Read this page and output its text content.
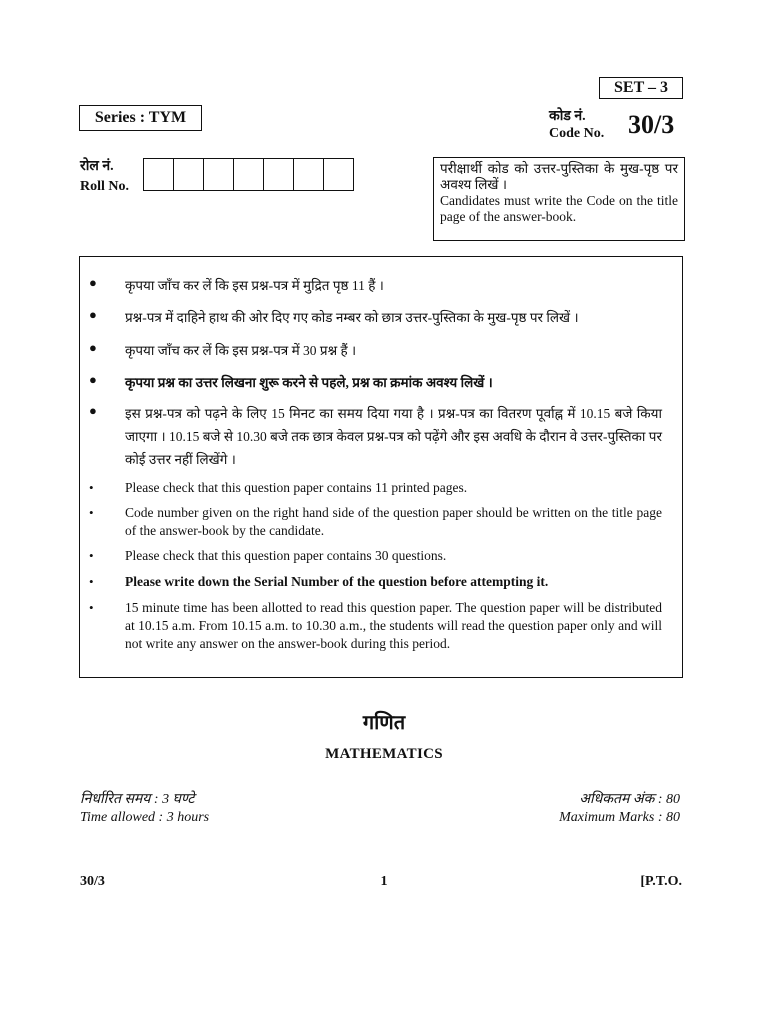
SET – 3
Series : TYM	कोड नं.
Code No. 30/3
रोल नं.
Roll No.
परीक्षार्थी कोड को उत्तर-पुस्तिका के मुख-पृष्ठ पर अवश्य लिखें ।
Candidates must write the Code on the title page of the answer-book.
● कृपया जाँच कर लें कि इस प्रश्न-पत्र में मुद्रित पृष्ठ 11 हैं ।
● प्रश्न-पत्र में दाहिने हाथ की ओर दिए गए कोड नम्बर को छात्र उत्तर-पुस्तिका के मुख-पृष्ठ पर लिखें ।
● कृपया जाँच कर लें कि इस प्रश्न-पत्र में 30 प्रश्न हैं ।
● कृपया प्रश्न का उत्तर लिखना शुरू करने से पहले, प्रश्न का क्रमांक अवश्य लिखें ।
● इस प्रश्न-पत्र को पढ़ने के लिए 15 मिनट का समय दिया गया है । प्रश्न-पत्र का वितरण पूर्वाह्न में 10.15 बजे किया जाएगा । 10.15 बजे से 10.30 बजे तक छात्र केवल प्रश्न-पत्र को पढ़ेंगे और इस अवधि के दौरान वे उत्तर-पुस्तिका पर कोई उत्तर नहीं लिखेंगे ।
• Please check that this question paper contains 11 printed pages.
• Code number given on the right hand side of the question paper should be written on the title page of the answer-book by the candidate.
• Please check that this question paper contains 30 questions.
• Please write down the Serial Number of the question before attempting it.
• 15 minute time has been allotted to read this question paper. The question paper will be distributed at 10.15 a.m. From 10.15 a.m. to 10.30 a.m., the students will read the question paper only and will not write any answer on the answer-book during this period.
गणित
MATHEMATICS
निर्धारित समय : 3 घण्टे
Time allowed : 3 hours
अधिकतम अंक : 80
Maximum Marks : 80
30/3	1	[P.T.O.
